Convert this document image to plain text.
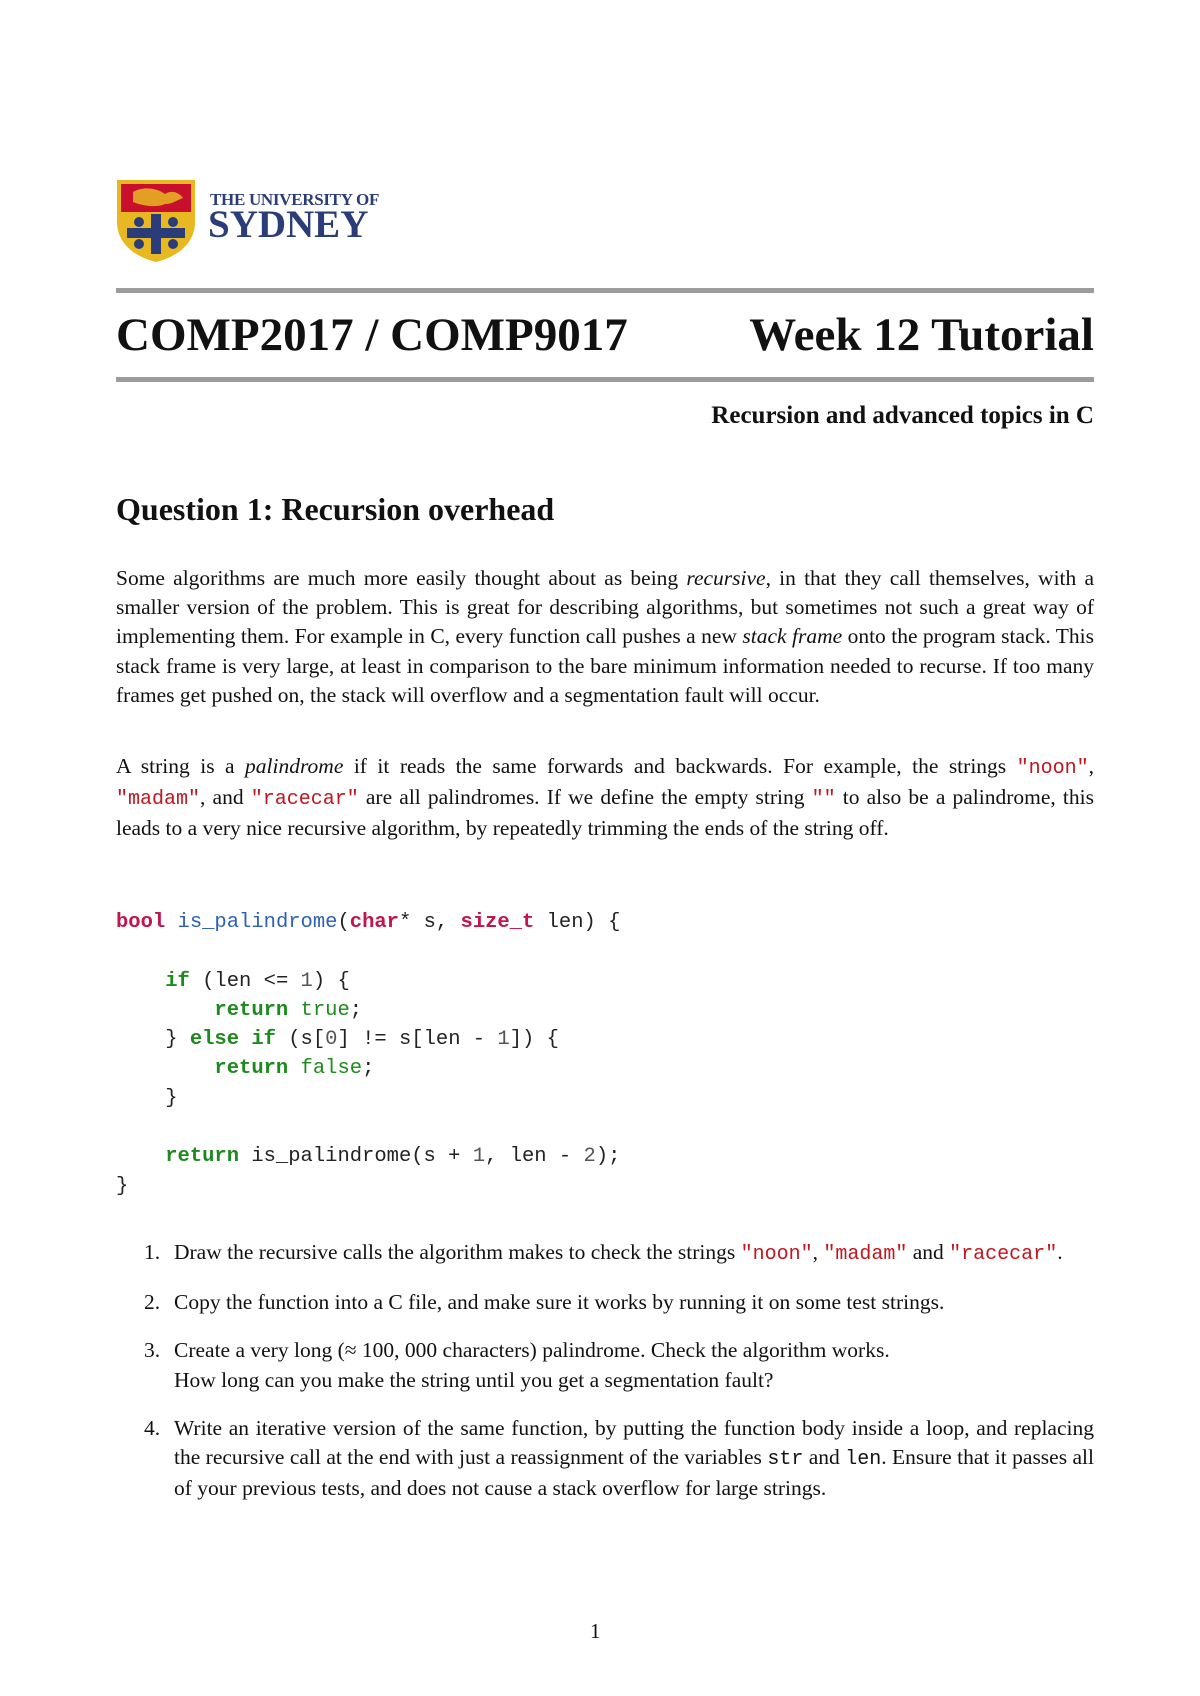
THE UNIVERSITY OF
SYDNEY
COMP2017 / COMP9017	Week 12 Tutorial
Recursion and advanced topics in C
Question 1: Recursion overhead
Some algorithms are much more easily thought about as being recursive, in that they call themselves, with a smaller version of the problem. This is great for describing algorithms, but sometimes not such a great way of implementing them. For example in C, every function call pushes a new stack frame onto the program stack. This stack frame is very large, at least in comparison to the bare minimum information needed to recurse. If too many frames get pushed on, the stack will overflow and a segmentation fault will occur.
A string is a palindrome if it reads the same forwards and backwards. For example, the strings "noon", "madam", and "racecar" are all palindromes. If we define the empty string "" to also be a palindrome, this leads to a very nice recursive algorithm, by repeatedly trimming the ends of the string off.
bool is_palindrome(char* s, size_t len) {

if (len <= 1) {
return true;
} else if (s[0] != s[len - 1]) {
return false;
}

return is_palindrome(s + 1, len - 2);
}
1. Draw the recursive calls the algorithm makes to check the strings "noon", "madam" and "racecar".
2. Copy the function into a C file, and make sure it works by running it on some test strings.
3. Create a very long (≈ 100, 000 characters) palindrome. Check the algorithm works.
How long can you make the string until you get a segmentation fault?
4. Write an iterative version of the same function, by putting the function body inside a loop, and replacing the recursive call at the end with just a reassignment of the variables str and len. Ensure that it passes all of your previous tests, and does not cause a stack overflow for large strings.
1
